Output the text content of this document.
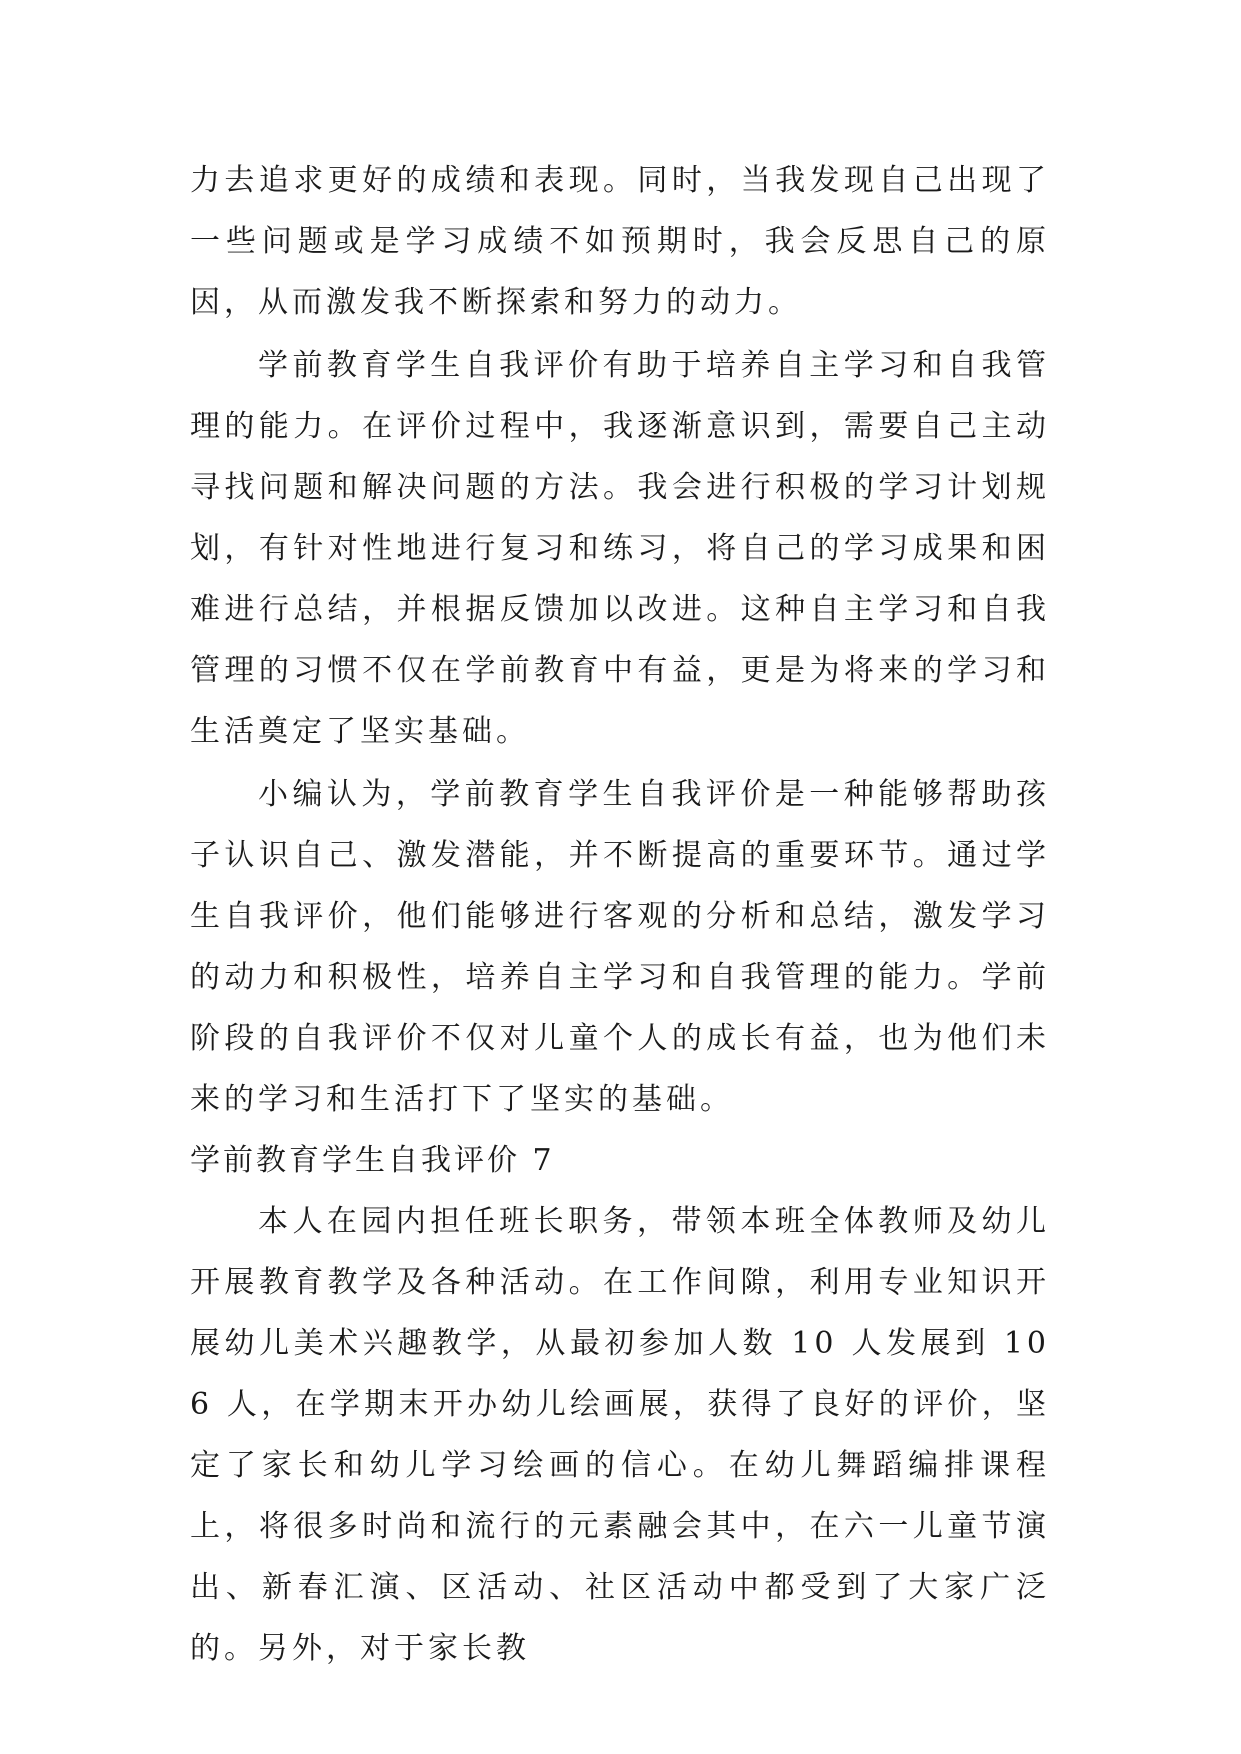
力去追求更好的成绩和表现。同时，当我发现自己出现了一些问题或是学习成绩不如预期时，我会反思自己的原因，从而激发我不断探索和努力的动力。

学前教育学生自我评价有助于培养自主学习和自我管理的能力。在评价过程中，我逐渐意识到，需要自己主动寻找问题和解决问题的方法。我会进行积极的学习计划规划，有针对性地进行复习和练习，将自己的学习成果和困难进行总结，并根据反馈加以改进。这种自主学习和自我管理的习惯不仅在学前教育中有益，更是为将来的学习和生活奠定了坚实基础。

小编认为，学前教育学生自我评价是一种能够帮助孩子认识自己、激发潜能，并不断提高的重要环节。通过学生自我评价，他们能够进行客观的分析和总结，激发学习的动力和积极性，培养自主学习和自我管理的能力。学前阶段的自我评价不仅对儿童个人的成长有益，也为他们未来的学习和生活打下了坚实的基础。

学前教育学生自我评价 7

本人在园内担任班长职务，带领本班全体教师及幼儿开展教育教学及各种活动。在工作间隙，利用专业知识开展幼儿美术兴趣教学，从最初参加人数 10 人发展到 106 人，在学期末开办幼儿绘画展，获得了良好的评价，坚定了家长和幼儿学习绘画的信心。在幼儿舞蹈编排课程上，将很多时尚和流行的元素融会其中，在六一儿童节演出、新春汇演、区活动、社区活动中都受到了大家广泛的。另外，对于家长教
